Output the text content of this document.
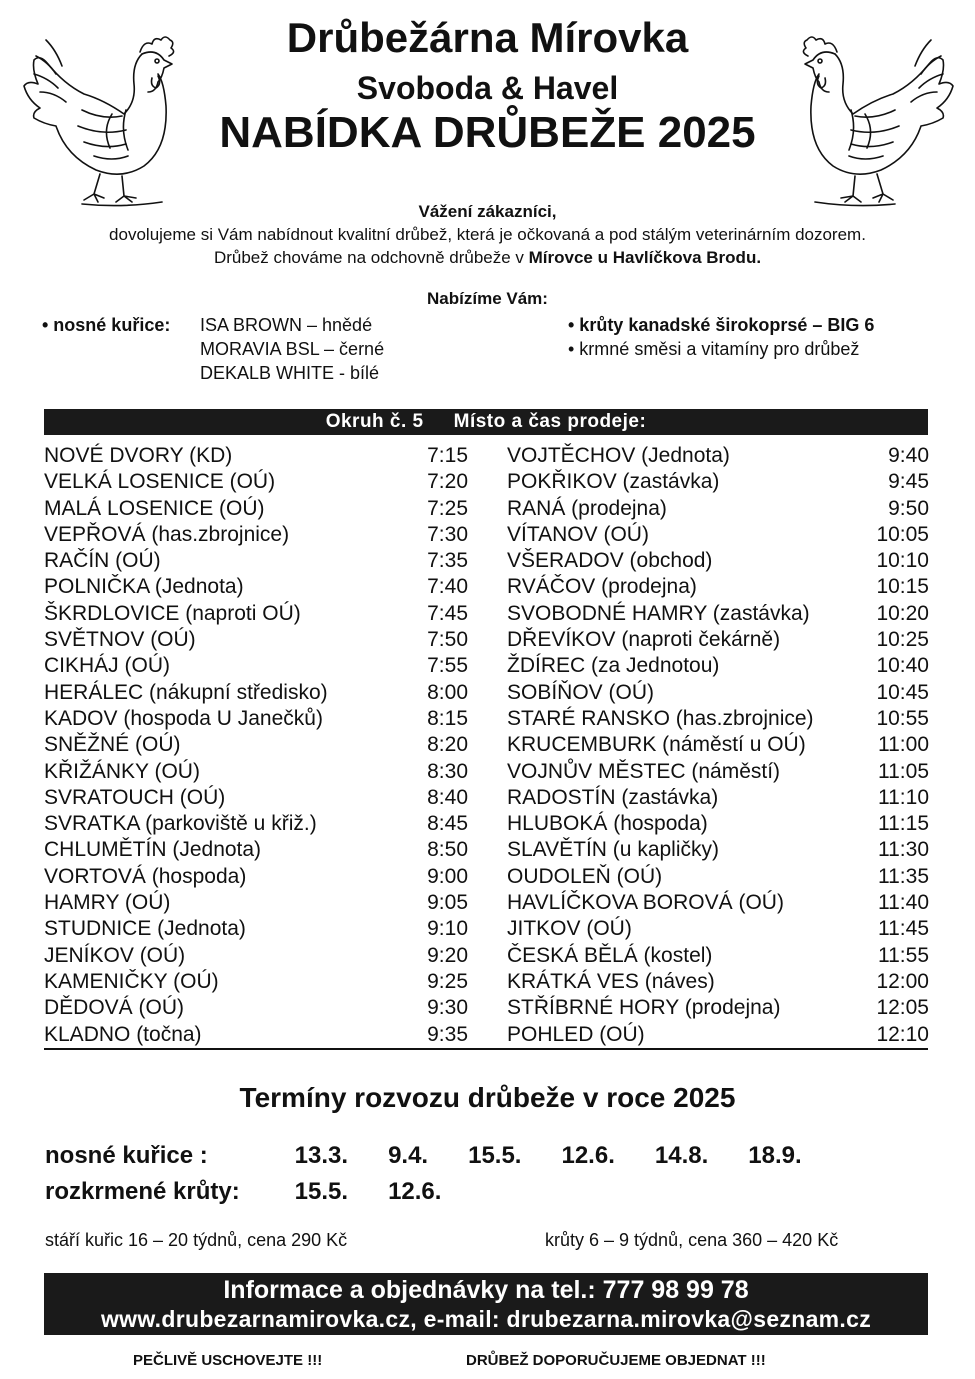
Drůbežárna Mírovka
Svoboda & Havel
NABÍDKA DRŮBEŽE 2025
Vážení zákazníci,
dovolujeme si Vám nabídnout kvalitní drůbež, která je očkovaná a pod stálým veterinárním dozorem.
Drůbež chováme na odchovně drůbeže v Mírovce u Havlíčkova Brodu.
Nabízíme Vám:
• nosné kuřice: ISA BROWN – hnědé
MORAVIA BSL – černé
DEKALB WHITE - bílé
• krůty kanadské širokoprsé – BIG 6
• krmné směsi a vitamíny pro drůbež
Okruh č. 5 Místo a čas prodeje:
NOVÉ DVORY (KD)	7:15
VELKÁ LOSENICE (OÚ)	7:20
MALÁ LOSENICE (OÚ)	7:25
VEPŘOVÁ (has.zbrojnice)	7:30
RAČÍN (OÚ)	7:35
POLNIČKA (Jednota)	7:40
ŠKRDLOVICE (naproti OÚ)	7:45
SVĚTNOV (OÚ)	7:50
CIKHÁJ (OÚ)	7:55
HERÁLEC (nákupní středisko)	8:00
KADOV (hospoda U Janečků)	8:15
SNĚŽNÉ (OÚ)	8:20
KŘIŽÁNKY (OÚ)	8:30
SVRATOUCH (OÚ)	8:40
SVRATKA (parkoviště u křiž.)	8:45
CHLUMĚTÍN (Jednota)	8:50
VORTOVÁ (hospoda)	9:00
HAMRY (OÚ)	9:05
STUDNICE (Jednota)	9:10
JENÍKOV (OÚ)	9:20
KAMENIČKY (OÚ)	9:25
DĚDOVÁ (OÚ)	9:30
KLADNO (točna)	9:35
VOJTĚCHOV (Jednota)	9:40
POKŘIKOV (zastávka)	9:45
RANÁ (prodejna)	9:50
VÍTANOV (OÚ)	10:05
VŠERADOV (obchod)	10:10
RVÁČOV (prodejna)	10:15
SVOBODNÉ HAMRY (zastávka)	10:20
DŘEVÍKOV (naproti čekárně)	10:25
ŽDÍREC (za Jednotou)	10:40
SOBÍŇOV (OÚ)	10:45
STARÉ RANSKO (has.zbrojnice)	10:55
KRUCEMBURK (náměstí u OÚ)	11:00
VOJNŮV MĚSTEC (náměstí)	11:05
RADOSTÍN (zastávka)	11:10
HLUBOKÁ (hospoda)	11:15
SLAVĚTÍN (u kapličky)	11:30
OUDOLEŇ (OÚ)	11:35
HAVLÍČKOVA BOROVÁ (OÚ)	11:40
JITKOV (OÚ)	11:45
ČESKÁ BĚLÁ (kostel)	11:55
KRÁTKÁ VES (náves)	12:00
STŘÍBRNÉ HORY (prodejna)	12:05
POHLED (OÚ)	12:10
Termíny rozvozu drůbeže v roce 2025
nosné kuřice :	13.3. 9.4. 15.5. 12.6. 14.8. 18.9.
rozkrmené krůty: 15.5. 12.6.
stáří kuřic 16 – 20 týdnů, cena 290 Kč	krůty 6 – 9 týdnů, cena 360 – 420 Kč
Informace a objednávky na tel.: 777 98 99 78
www.drubezarnamirovka.cz, e-mail: drubezarna.mirovka@seznam.cz
PEČLIVĚ USCHOVEJTE !!!	DRŮBEŽ DOPORUČUJEME OBJEDNAT !!!
